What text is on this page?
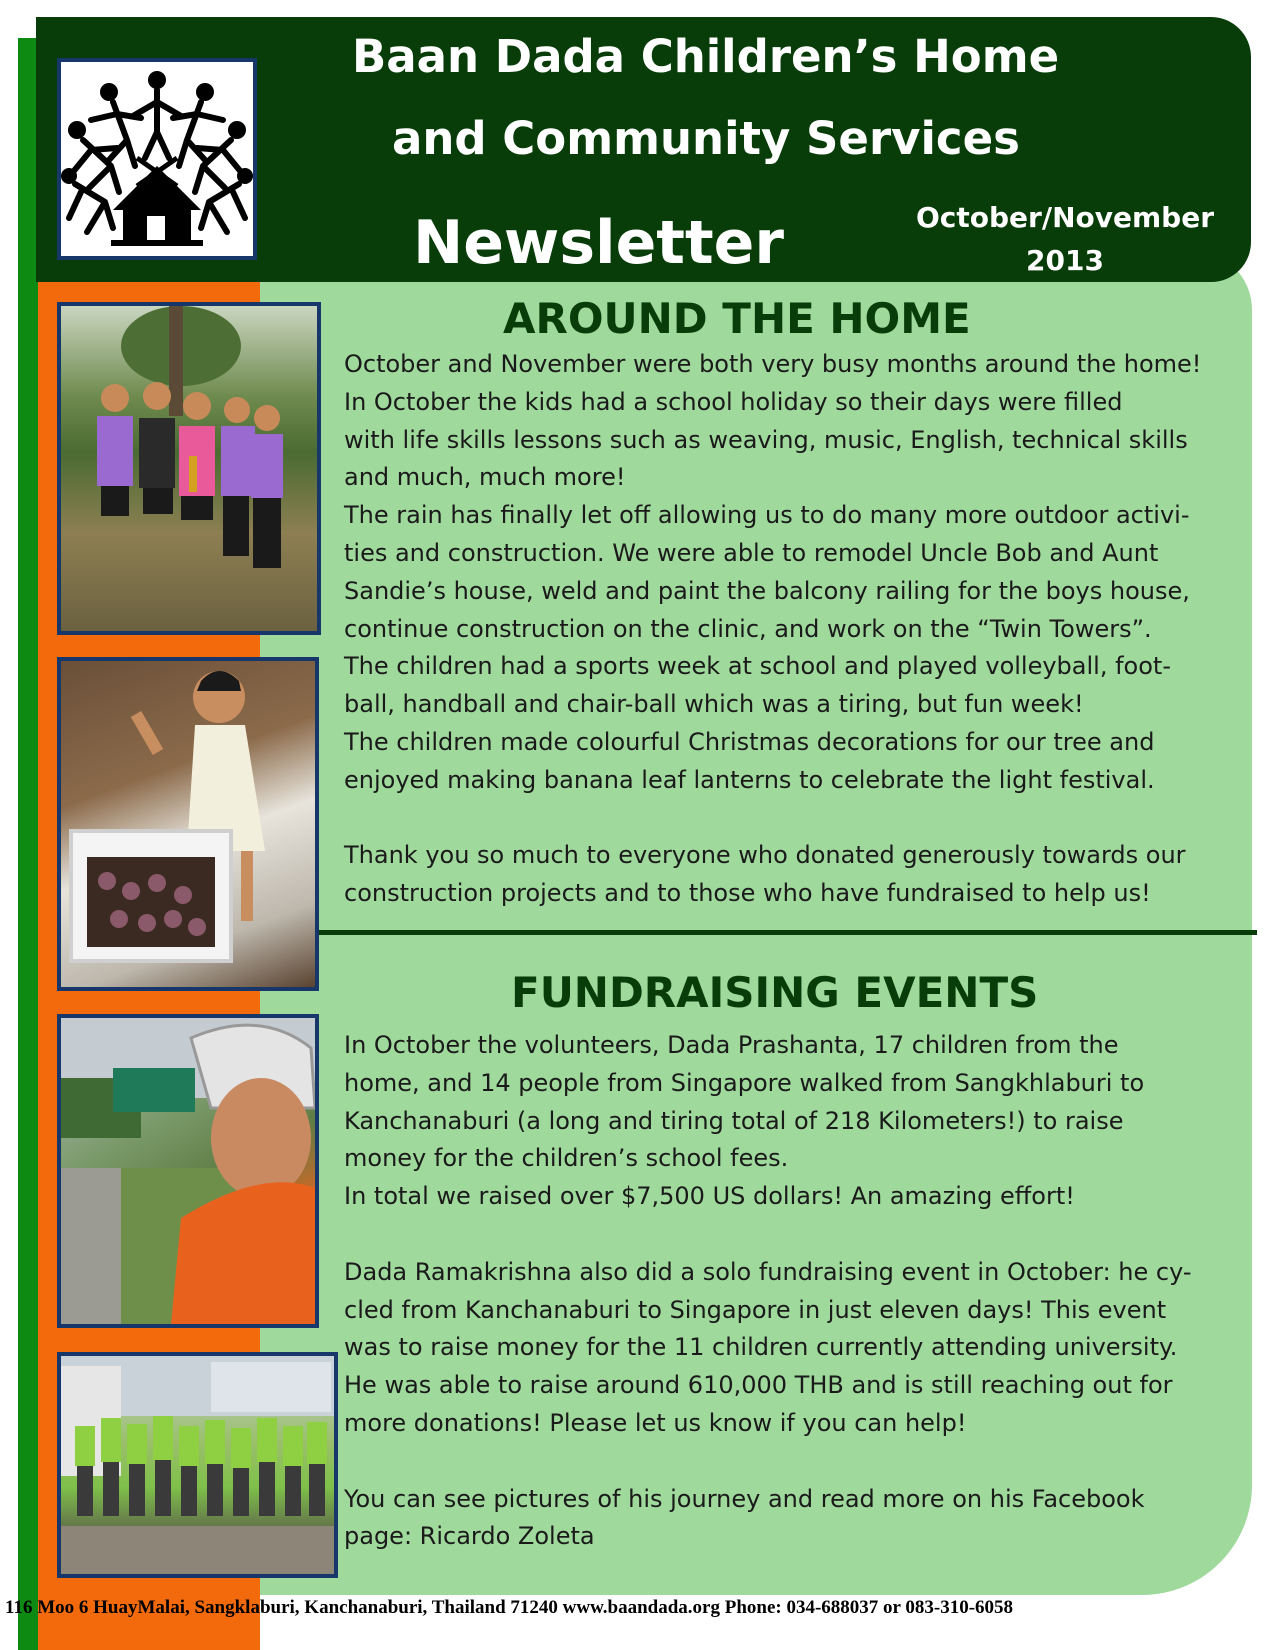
Baan Dada Children’s Home
and Community Services
Newsletter	October/November
2013
AROUND THE HOME
October and November were both very busy months around the home!
In October the kids had a school holiday so their days were filled
with life skills lessons such as weaving, music, English, technical skills
and much, much more!
The rain has finally let off allowing us to do many more outdoor activi-
ties and construction. We were able to remodel Uncle Bob and Aunt
Sandie’s house, weld and paint the balcony railing for the boys house,
continue construction on the clinic, and work on the “Twin Towers”.
The children had a sports week at school and played volleyball, foot-
ball, handball and chair-ball which was a tiring, but fun week!
The children made colourful Christmas decorations for our tree and
enjoyed making banana leaf lanterns to celebrate the light festival.
Thank you so much to everyone who donated generously towards our
construction projects and to those who have fundraised to help us!
FUNDRAISING EVENTS
In October the volunteers, Dada Prashanta, 17 children from the
home, and 14 people from Singapore walked from Sangkhlaburi to
Kanchanaburi (a long and tiring total of 218 Kilometers!) to raise
money for the children’s school fees.
In total we raised over $7,500 US dollars! An amazing effort!
Dada Ramakrishna also did a solo fundraising event in October: he cy-
cled from Kanchanaburi to Singapore in just eleven days! This event
was to raise money for the 11 children currently attending university.
He was able to raise around 610,000 THB and is still reaching out for
more donations! Please let us know if you can help!
You can see pictures of his journey and read more on his Facebook
page: Ricardo Zoleta
116 Moo 6 HuayMalai, Sangklaburi, Kanchanaburi, Thailand 71240 www.baandada.org Phone: 034-688037 or 083-310-6058
